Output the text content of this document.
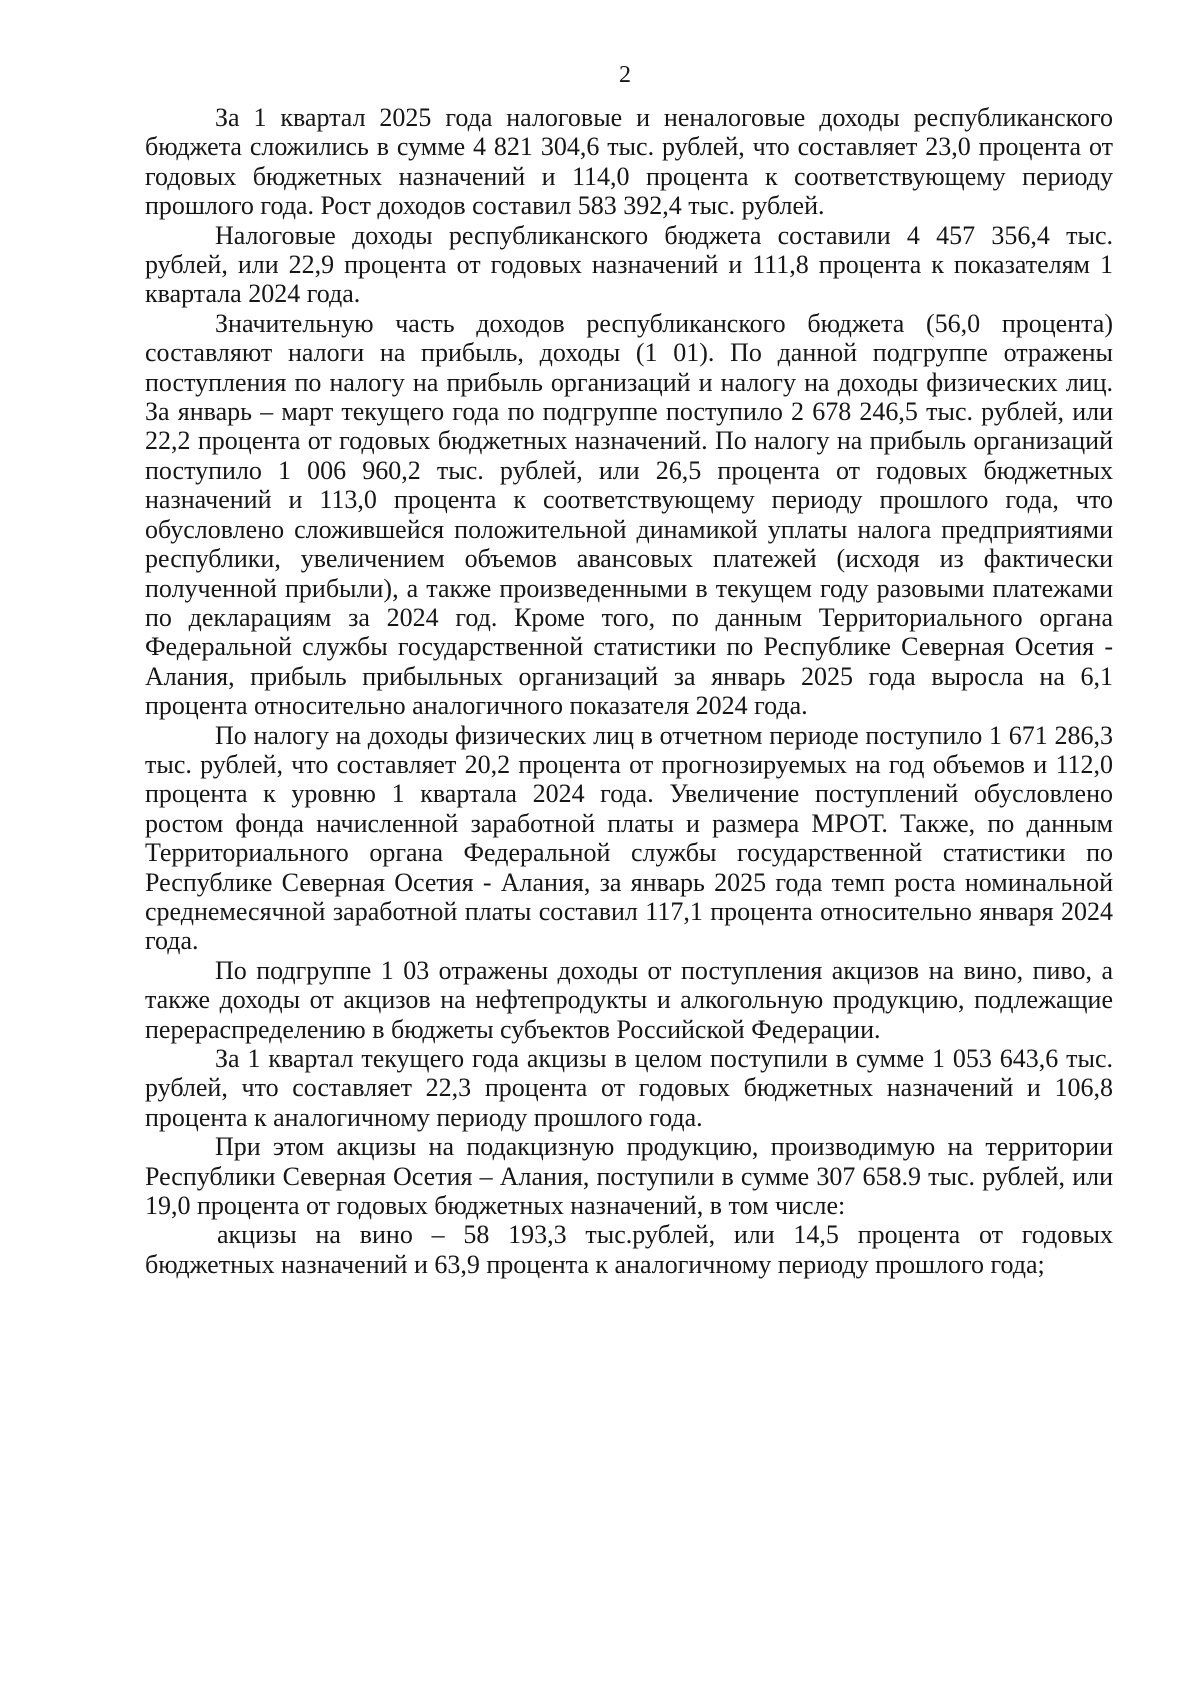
2

За 1 квартал 2025 года налоговые и неналоговые доходы республиканского бюджета сложились в сумме 4 821 304,6 тыс. рублей, что составляет 23,0 процента от годовых бюджетных назначений и 114,0 процента к соответствующему периоду прошлого года. Рост доходов составил 583 392,4 тыс. рублей.

Налоговые доходы республиканского бюджета составили 4 457 356,4 тыс. рублей, или 22,9 процента от годовых назначений и 111,8 процента к показателям 1 квартала 2024 года.

Значительную часть доходов республиканского бюджета (56,0 процента) составляют налоги на прибыль, доходы (1 01). По данной подгруппе отражены поступления по налогу на прибыль организаций и налогу на доходы физических лиц. За январь – март текущего года по подгруппе поступило 2 678 246,5 тыс. рублей, или 22,2 процента от годовых бюджетных назначений. По налогу на прибыль организаций поступило 1 006 960,2 тыс. рублей, или 26,5 процента от годовых бюджетных назначений и 113,0 процента к соответствующему периоду прошлого года, что обусловлено сложившейся положительной динамикой уплаты налога предприятиями республики, увеличением объемов авансовых платежей (исходя из фактически полученной прибыли), а также произведенными в текущем году разовыми платежами по декларациям за 2024 год. Кроме того, по данным Территориального органа Федеральной службы государственной статистики по Республике Северная Осетия - Алания, прибыль прибыльных организаций за январь 2025 года выросла на 6,1 процента относительно аналогичного показателя 2024 года.

По налогу на доходы физических лиц в отчетном периоде поступило 1 671 286,3 тыс. рублей, что составляет 20,2 процента от прогнозируемых на год объемов и 112,0 процента к уровню 1 квартала 2024 года. Увеличение поступлений обусловлено ростом фонда начисленной заработной платы и размера МРОТ. Также, по данным Территориального органа Федеральной службы государственной статистики по Республике Северная Осетия - Алания, за январь 2025 года темп роста номинальной среднемесячной заработной платы составил 117,1 процента относительно января 2024 года.

По подгруппе 1 03 отражены доходы от поступления акцизов на вино, пиво, а также доходы от акцизов на нефтепродукты и алкогольную продукцию, подлежащие перераспределению в бюджеты субъектов Российской Федерации.

За 1 квартал текущего года акцизы в целом поступили в сумме 1 053 643,6 тыс. рублей, что составляет 22,3 процента от годовых бюджетных назначений и 106,8 процента к аналогичному периоду прошлого года.

При этом акцизы на подакцизную продукцию, производимую на территории Республики Северная Осетия – Алания, поступили в сумме 307 658.9 тыс. рублей, или 19,0 процента от годовых бюджетных назначений, в том числе:

акцизы на вино – 58 193,3 тыс.рублей, или 14,5 процента от годовых бюджетных назначений и 63,9 процента к аналогичному периоду прошлого года;
